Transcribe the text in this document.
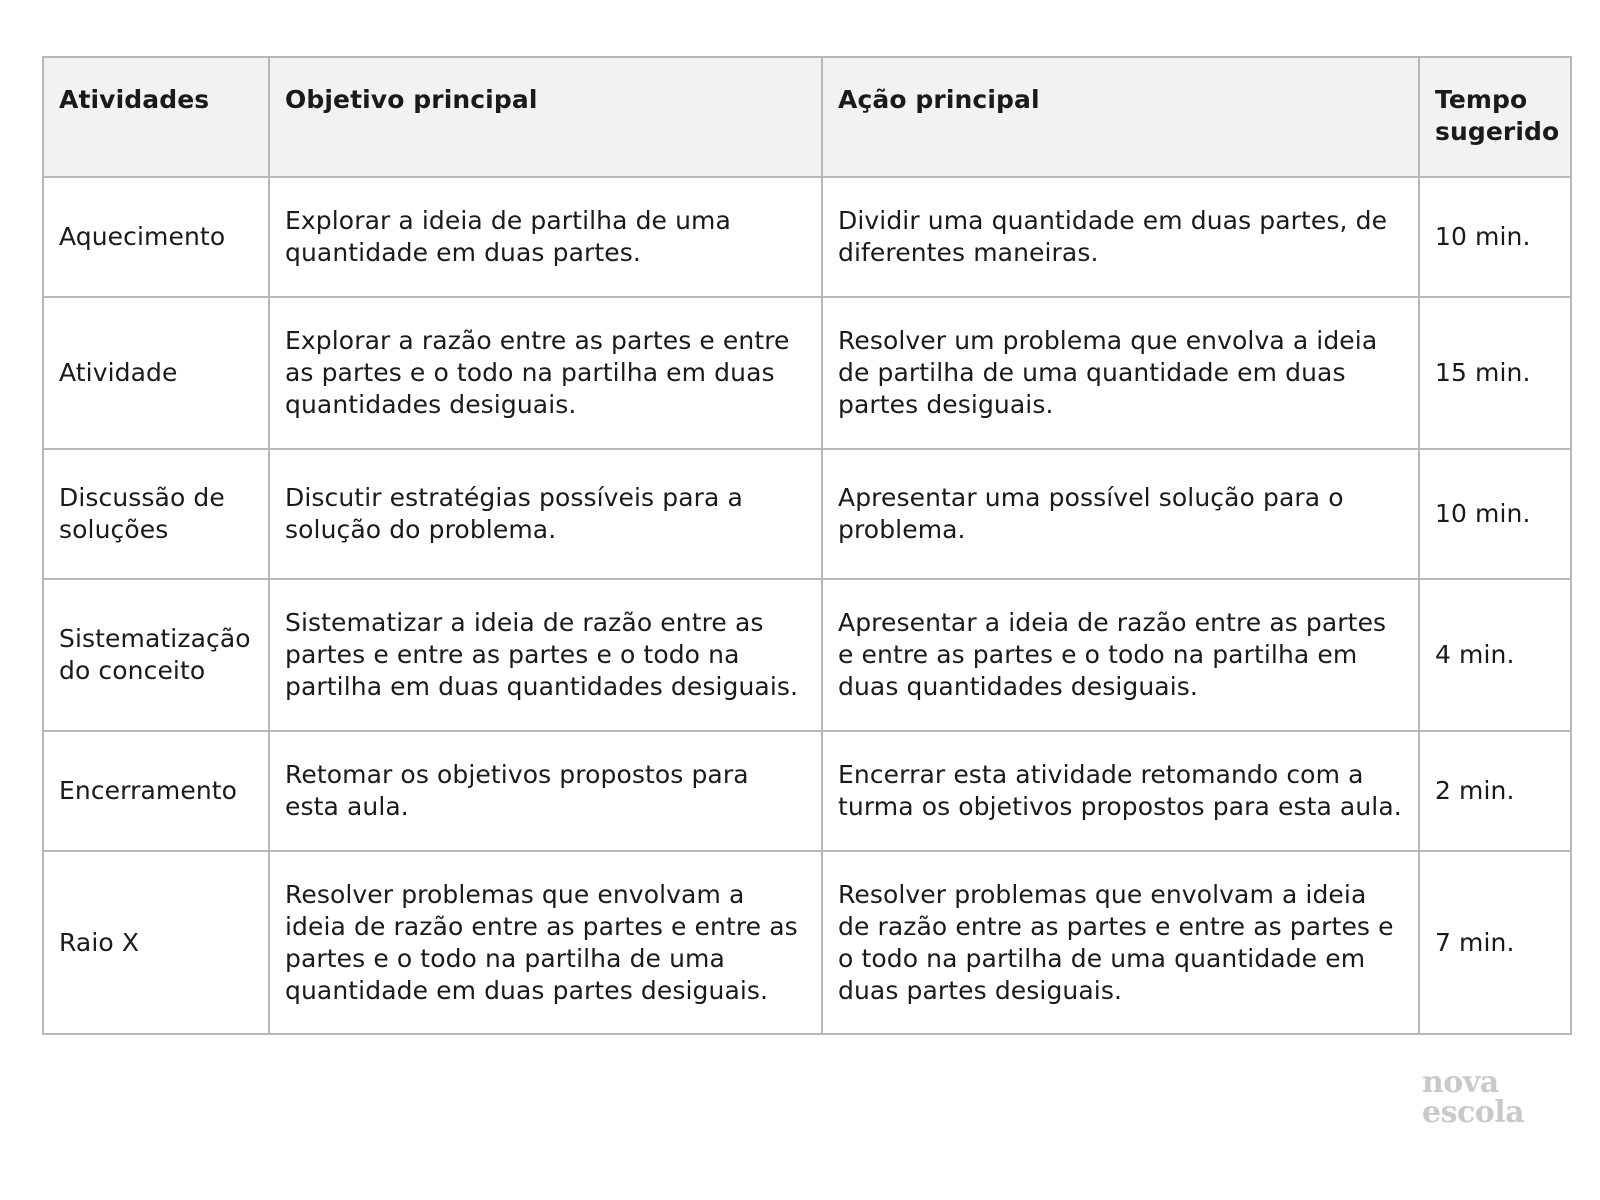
Atividades	Objetivo principal	Ação principal	Tempo sugerido
Aquecimento	Explorar a ideia de partilha de uma quantidade em duas partes.	Dividir uma quantidade em duas partes, de diferentes maneiras.	10 min.
Atividade	Explorar a razão entre as partes e entre as partes e o todo na partilha em duas quantidades desiguais.	Resolver um problema que envolva a ideia de partilha de uma quantidade em duas partes desiguais.	15 min.
Discussão de soluções	Discutir estratégias possíveis para a solução do problema.	Apresentar uma possível solução para o problema.	10 min.
Sistematização do conceito	Sistematizar a ideia de razão entre as partes e entre as partes e o todo na partilha em duas quantidades desiguais.	Apresentar a ideia de razão entre as partes e entre as partes e o todo na partilha em duas quantidades desiguais.	4 min.
Encerramento	Retomar os objetivos propostos para esta aula.	Encerrar esta atividade retomando com a turma os objetivos propostos para esta aula.	2 min.
Raio X	Resolver problemas que envolvam a ideia de razão entre as partes e entre as partes e o todo na partilha de uma quantidade em duas partes desiguais.	Resolver problemas que envolvam a ideia de razão entre as partes e entre as partes e o todo na partilha de uma quantidade em duas partes desiguais.	7 min.
nova
escola
